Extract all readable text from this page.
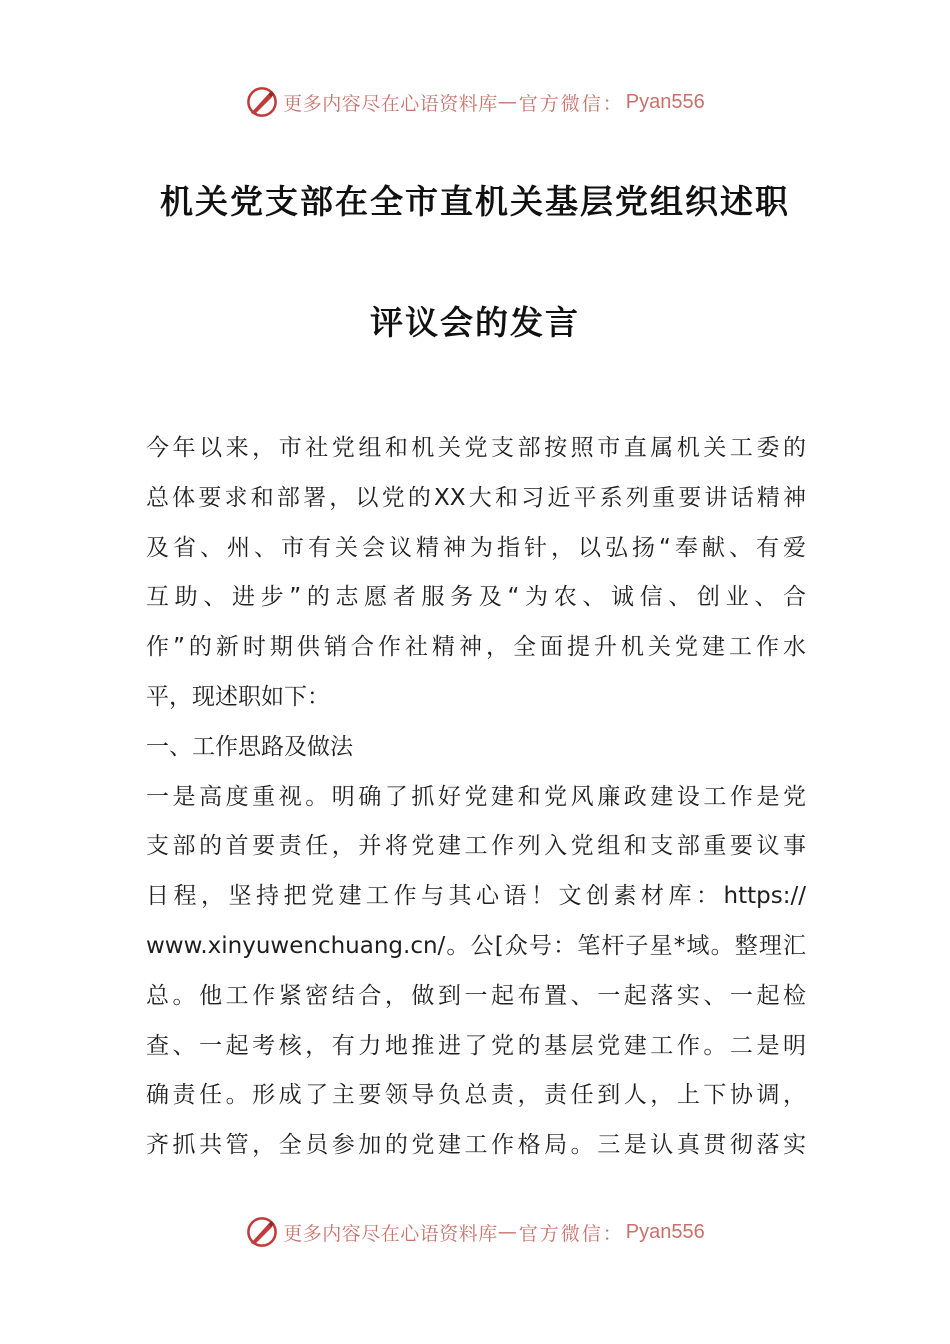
更多内容尽在心语资料库 — 官方微信： Pyan556
机关党支部在全市直机关基层党组织述职
评议会的发言
今年以来，市社党组和机关党支部按照市直属机关工委的
总体要求和部署，以党的XX大和习近平系列重要讲话精神
及省、州、市有关会议精神为指针，以弘扬“奉献、有爱
互助、进步”的志愿者服务及“为农、诚信、创业、合
作”的新时期供销合作社精神，全面提升机关党建工作水
平，现述职如下：
一、工作思路及做法
一是高度重视。明确了抓好党建和党风廉政建设工作是党
支部的首要责任，并将党建工作列入党组和支部重要议事
日程，坚持把党建工作与其心语！文创素材库：https://
www.xinyuwenchuang.cn/。公[众号：笔杆子星*域。整理汇
总。他工作紧密结合，做到一起布置、一起落实、一起检
查、一起考核，有力地推进了党的基层党建工作。二是明
确责任。形成了主要领导负总责，责任到人，上下协调，
齐抓共管，全员参加的党建工作格局。三是认真贯彻落实
更多内容尽在心语资料库 — 官方微信： Pyan556
